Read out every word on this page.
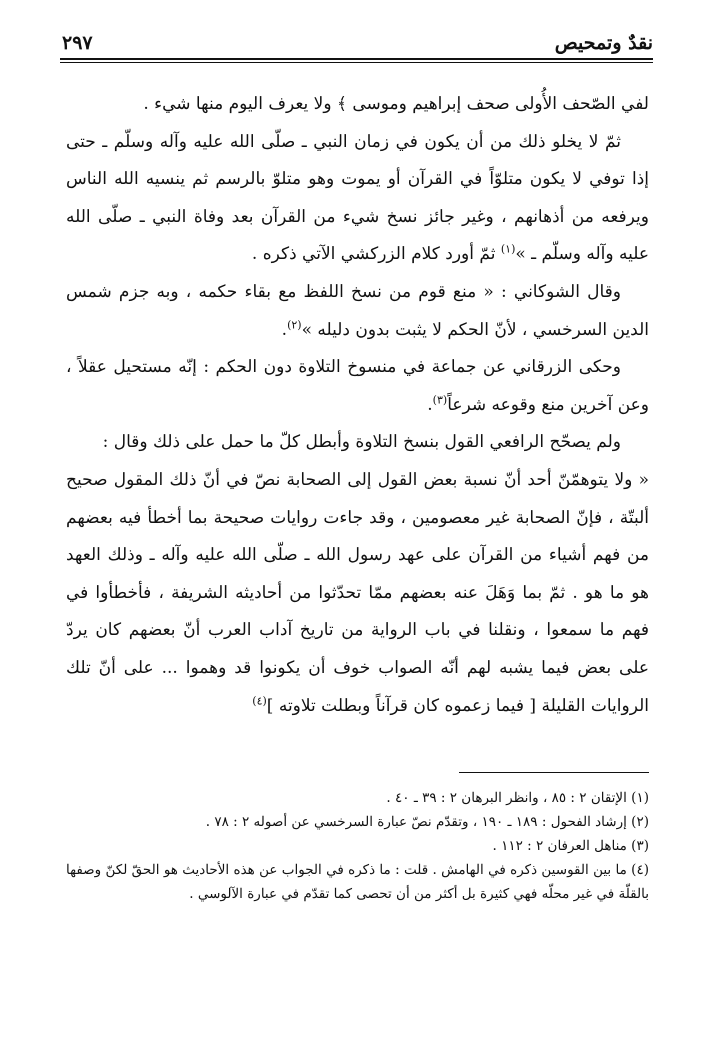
نقدٌ وتمحيص
٢٩٧

لفي الصّحف الأُولى صحف إبراهيم وموسى ﴾ ولا يعرف اليوم منها شيء .

ثمّ لا يخلو ذلك من أن يكون في زمان النبي ـ صلّى الله عليه وآله وسلّم ـ حتى إذا توفي لا يكون متلوّاً في القرآن أو يموت وهو متلوّ بالرسم ثم ينسيه الله الناس ويرفعه من أذهانهم ، وغير جائز نسخ شيء من القرآن بعد وفاة النبي ـ صلّى الله عليه وآله وسلّم ـ »$^{(١)}$ ثمّ أورد كلام الزركشي الآتي ذكره .

وقال الشوكاني : « منع قوم من نسخ اللفظ مع بقاء حكمه ، وبه جزم شمس الدين السرخسي ، لأنّ الحكم لا يثبت بدون دليله »$^{(٢)}$.

وحكى الزرقاني عن جماعة في منسوخ التلاوة دون الحكم : إنّه مستحيل عقلاً ، وعن آخرين منع وقوعه شرعاً$^{(٣)}$.

ولم يصحّح الرافعي القول بنسخ التلاوة وأبطل كلّ ما حمل على ذلك وقال :

« ولا يتوهمّنّ أحد أنّ نسبة بعض القول إلى الصحابة نصّ في أنّ ذلك المقول صحيح ألبتّة ، فإنّ الصحابة غير معصومين ، وقد جاءت روايات صحيحة بما أخطأ فيه بعضهم من فهم أشياء من القرآن على عهد رسول الله ـ صلّى الله عليه وآله ـ وذلك العهد هو ما هو . ثمّ بما وَهَلَ عنه بعضهم ممّا تحدّثوا من أحاديثه الشريفة ، فأخطأوا في فهم ما سمعوا ، ونقلنا في باب الرواية من تاريخ آداب العرب أنّ بعضهم كان يردّ على بعض فيما يشبه لهم أنّه الصواب خوف أن يكونوا قد وهموا ... على أنّ تلك الروايات القليلة [ فيما زعموه كان قرآناً وبطلت تلاوته ]$^{(٤)}$

(١) الإتقان ٢ : ٨٥ ، وانظر البرهان ٢ : ٣٩ ـ ٤٠ .

(٢) إرشاد الفحول : ١٨٩ ـ ١٩٠ ، وتقدّم نصّ عبارة السرخسي عن أصوله ٢ : ٧٨ .

(٣) مناهل العرفان ٢ : ١١٢ .

(٤) ما بين القوسين ذكره في الهامش . قلت : ما ذكره في الجواب عن هذه الأحاديث هو الحقّ لكنّ وصفها بالقلّة في غير محلّه فهي كثيرة بل أكثر من أن تحصى كما تقدّم في عبارة الآلوسي .
